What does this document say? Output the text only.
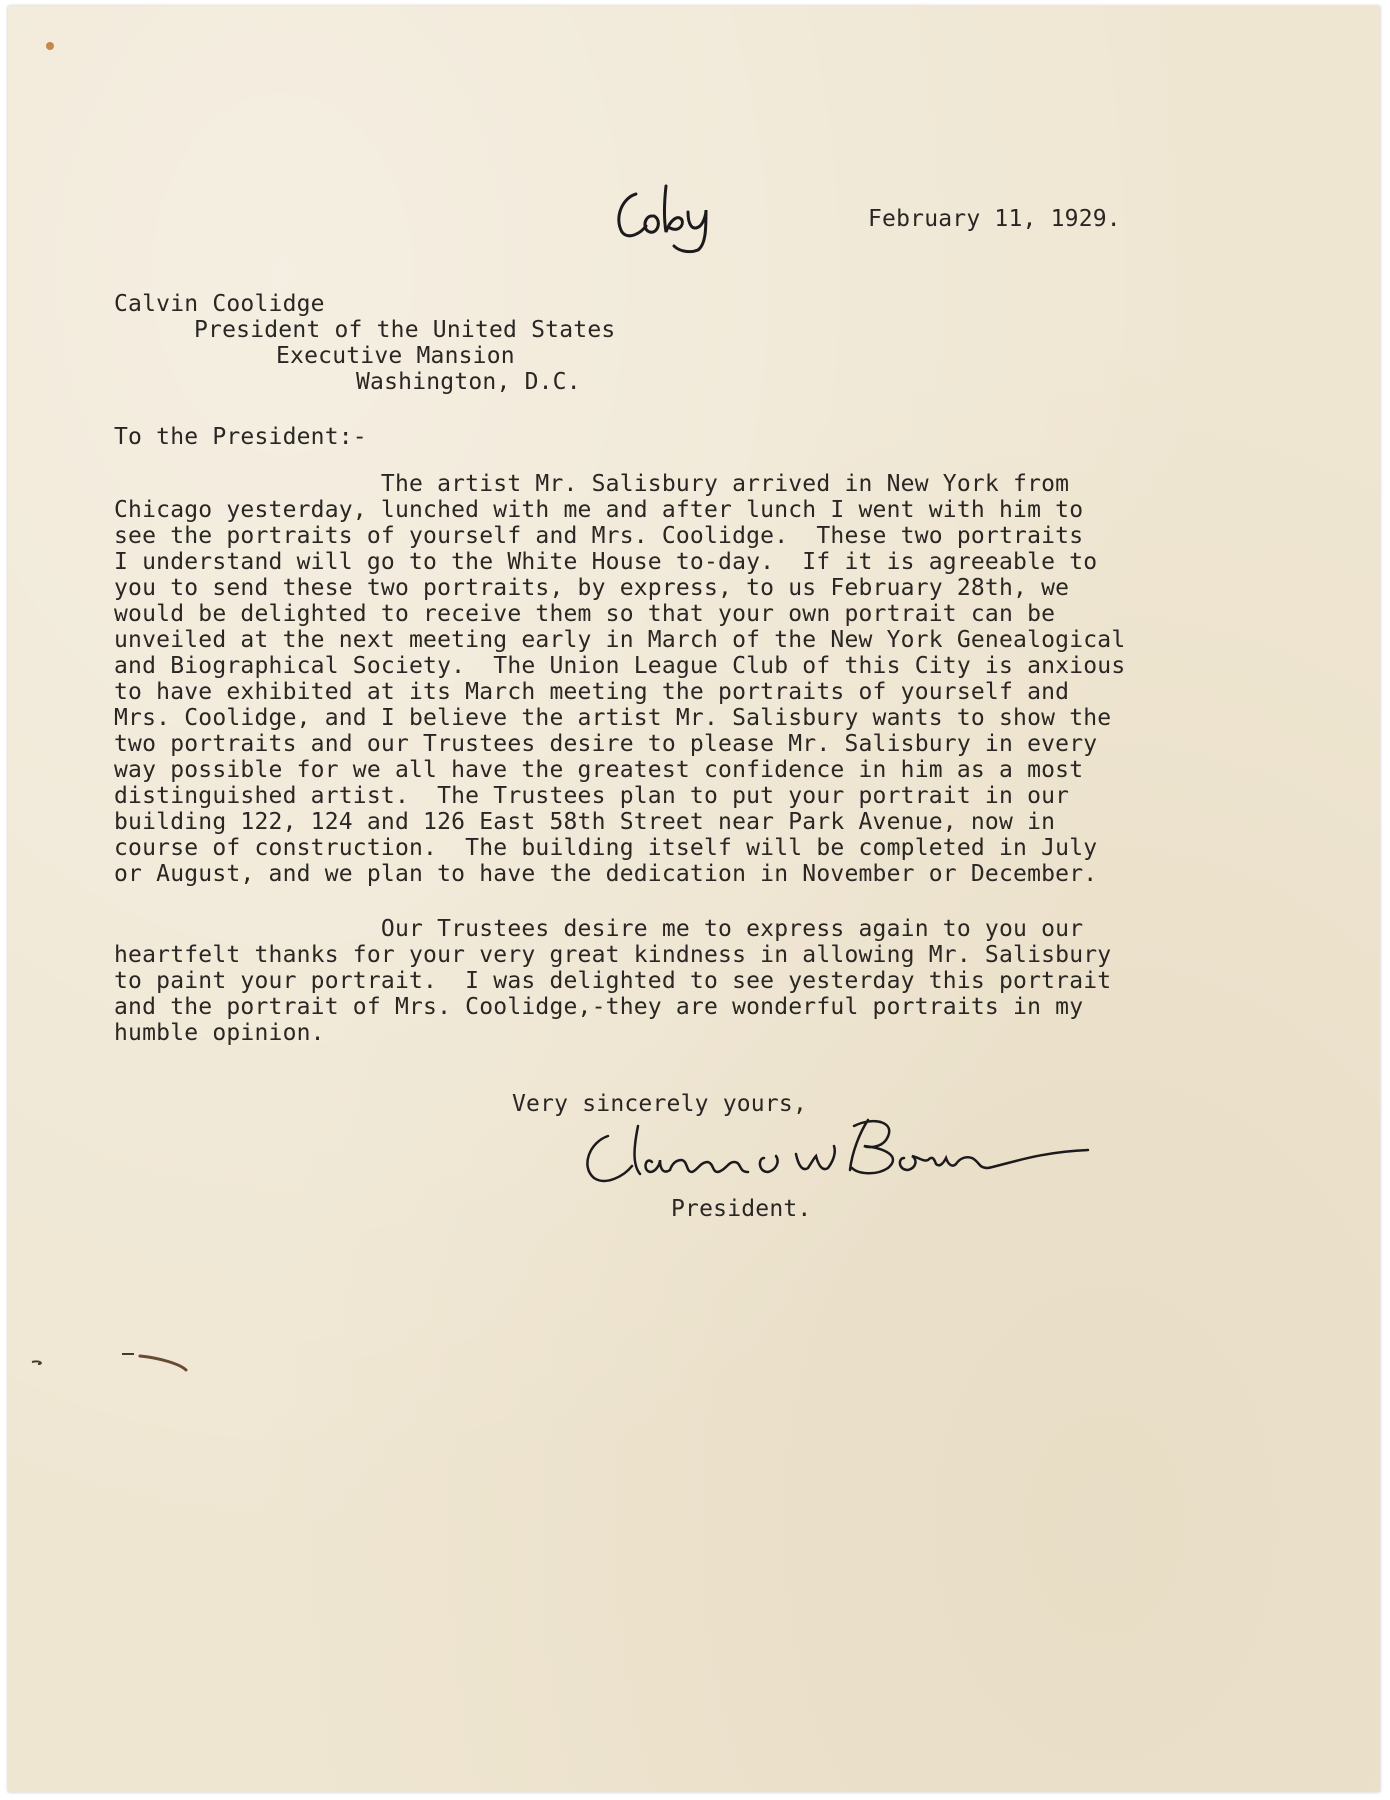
February 11, 1929.
Calvin Coolidge
President of the United States
Executive Mansion
Washington, D.C.
To the President:-
The artist Mr. Salisbury arrived in New York from
Chicago yesterday, lunched with me and after lunch I went with him to
see the portraits of yourself and Mrs. Coolidge.  These two portraits
I understand will go to the White House to-day.  If it is agreeable to
you to send these two portraits, by express, to us February 28th, we
would be delighted to receive them so that your own portrait can be
unveiled at the next meeting early in March of the New York Genealogical
and Biographical Society.  The Union League Club of this City is anxious
to have exhibited at its March meeting the portraits of yourself and
Mrs. Coolidge, and I believe the artist Mr. Salisbury wants to show the
two portraits and our Trustees desire to please Mr. Salisbury in every
way possible for we all have the greatest confidence in him as a most
distinguished artist.  The Trustees plan to put your portrait in our
building 122, 124 and 126 East 58th Street near Park Avenue, now in
course of construction.  The building itself will be completed in July
or August, and we plan to have the dedication in November or December.
Our Trustees desire me to express again to you our
heartfelt thanks for your very great kindness in allowing Mr. Salisbury
to paint your portrait.  I was delighted to see yesterday this portrait
and the portrait of Mrs. Coolidge,-they are wonderful portraits in my
humble opinion.
Very sincerely yours,
President.
